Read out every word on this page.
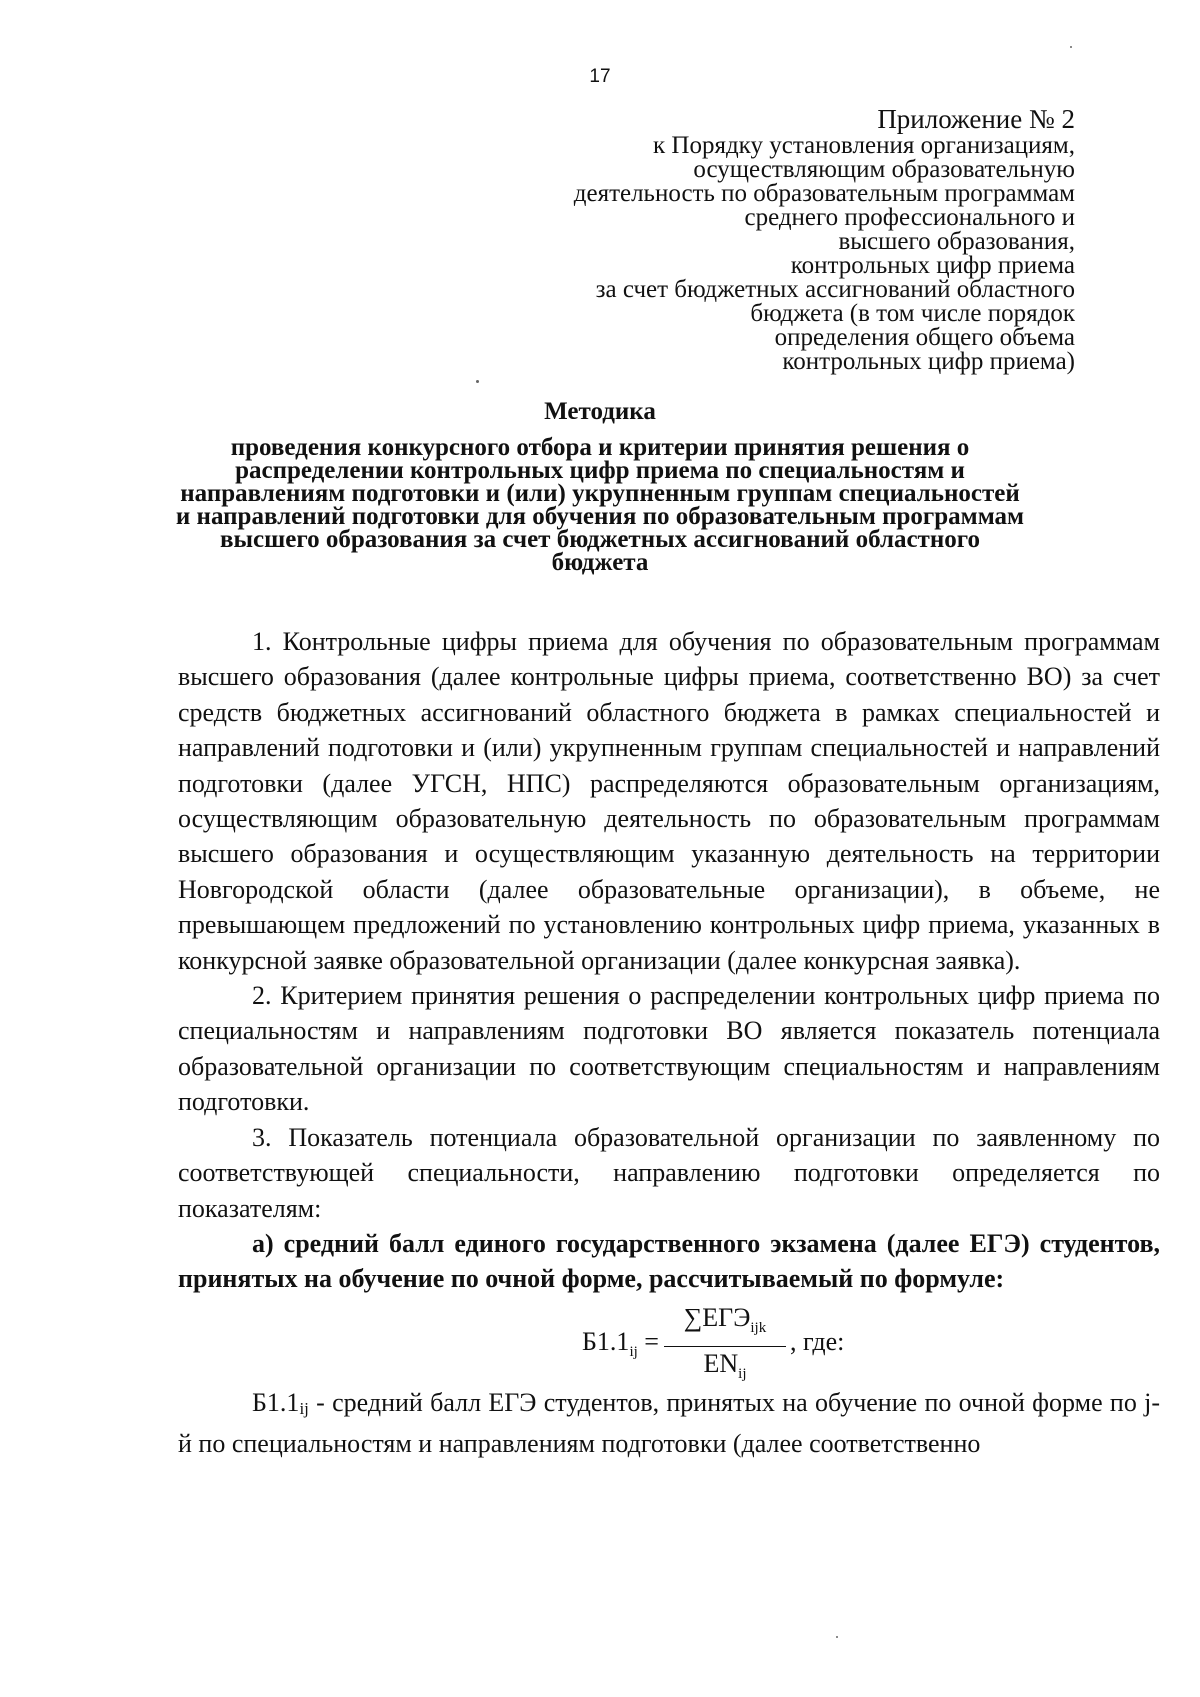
17
Приложение № 2
к Порядку установления организациям,
осуществляющим образовательную
деятельность по образовательным программам
среднего профессионального и
высшего образования,
контрольных цифр приема
за счет бюджетных ассигнований областного
бюджета (в том числе порядок
определения общего объема
контрольных цифр приема)
Методика
проведения конкурсного отбора и критерии принятия решения о
распределении контрольных цифр приема по специальностям и
направлениям подготовки и (или) укрупненным группам специальностей
и направлений подготовки для обучения по образовательным программам
высшего образования за счет бюджетных ассигнований областного
бюджета

1. Контрольные цифры приема для обучения по образовательным программам высшего образования (далее контрольные цифры приема, соответственно ВО) за счет средств бюджетных ассигнований областного бюджета в рамках специальностей и направлений подготовки и (или) укрупненным группам специальностей и направлений подготовки (далее УГСН, НПС) распределяются образовательным организациям, осуществляющим образовательную деятельность по образовательным программам высшего образования и осуществляющим указанную деятельность на территории Новгородской области (далее образовательные организации), в объеме, не превышающем предложений по установлению контрольных цифр приема, указанных в конкурсной заявке образовательной организации (далее конкурсная заявка).

2. Критерием принятия решения о распределении контрольных цифр приема по специальностям и направлениям подготовки ВО является показатель потенциала образовательной организации по соответствующим специальностям и направлениям подготовки.

3. Показатель потенциала образовательной организации по заявленному по соответствующей специальности, направлению подготовки определяется по показателям:

а) средний балл единого государственного экзамена (далее ЕГЭ) студентов, принятых на обучение по очной форме, рассчитываемый по формуле:

$Б1.1_{ij}$ =
$\sum ЕГЭ_{ijk}$
$EN_{ij}$
, где:

Б1.1ij - средний балл ЕГЭ студентов, принятых на обучение по очной форме по j-й по специальностям и направлениям подготовки (далее соответственно
